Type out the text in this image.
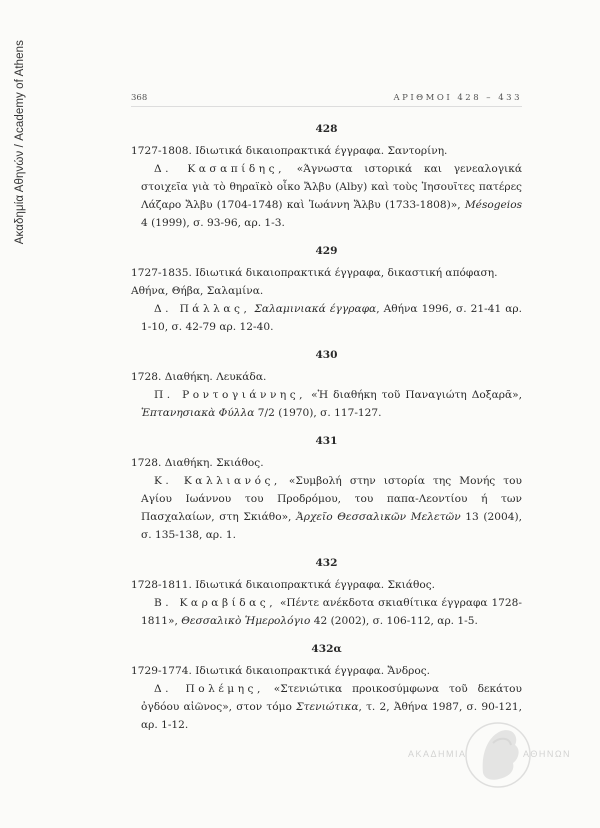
Ακαδημία Αθηνών / Academy of Athens	368	ΑΡΙΘΜΟΙ 428 – 433
428

1727-1808. Ιδιωτικά δικαιοπρακτικά έγγραφα. Σαντορίνη.

Δ. Κασαπίδης, «Άγνωστα ιστορικά και γενεαλογικά στοιχεῖα γιὰ τὸ θηραϊκὸ οἶκο Ἄλβυ (Alby) καὶ τοὺς Ἰησουῖτες πατέρες Λάζαρο Ἄλβυ (1704-1748) καὶ Ἰωάννη Ἄλβυ (1733-1808)», Mésogeios 4 (1999), σ. 93-96, αρ. 1-3.

429

1727-1835. Ιδιωτικά δικαιοπρακτικά έγγραφα, δικαστική απόφαση. Αθήνα, Θήβα, Σαλαμίνα.

Δ. Πάλλας, Σαλαμινιακά έγγραφα, Αθήνα 1996, σ. 21-41 αρ. 1-10, σ. 42-79 αρ. 12-40.

430

1728. Διαθήκη. Λευκάδα.

Π. Ροντογιάννης, «Ἡ διαθήκη τοῦ Παναγιώτη Δοξαρᾶ», Ἑπτανησιακὰ Φύλλα 7/2 (1970), σ. 117-127.

431

1728. Διαθήκη. Σκιάθος.

Κ. Καλλιανός, «Συμβολή στην ιστορία της Μονής του Αγίου Ιωάννου του Προδρόμου, του παπα-Λεοντίου ή των Πασχαλαίων, στη Σκιάθο», Ἀρχεῖο Θεσσαλικῶν Μελετῶν 13 (2004), σ. 135-138, αρ. 1.

432

1728-1811. Ιδιωτικά δικαιοπρακτικά έγγραφα. Σκιάθος.

Β. Καραβίδας, «Πέντε ανέκδοτα σκιαθίτικα έγγραφα 1728-1811», Θεσσαλικὸ Ἡμερολόγιο 42 (2002), σ. 106-112, αρ. 1-5.

432α

1729-1774. Ιδιωτικά δικαιοπρακτικά έγγραφα. Ἄνδρος.

Δ. Πολέμης, «Στενιώτικα προικοσύμφωνα τοῦ δεκάτου ὀγδόου αἰῶνος», στον τόμο Στενιώτικα, τ. 2, Ἀθήνα 1987, σ. 90-121, αρ. 1-12.

ΑΚΑΔΗΜΙΑ	ΑΘΗΝΩΝ
